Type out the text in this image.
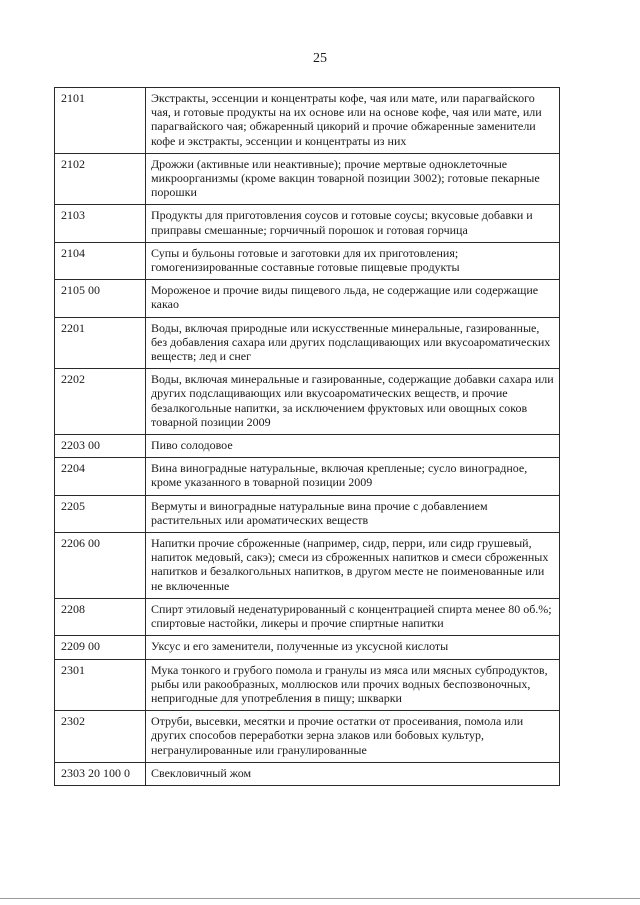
25
2101	Экстракты, эссенции и концентраты кофе, чая или мате, или парагвайского чая, и готовые продукты на их основе или на основе кофе, чая или мате, или парагвайского чая; обжаренный цикорий и прочие обжаренные заменители кофе и экстракты, эссенции и концентраты из них
2102	Дрожжи (активные или неактивные); прочие мертвые одноклеточные микроорганизмы (кроме вакцин товарной позиции 3002); готовые пекарные порошки
2103	Продукты для приготовления соусов и готовые соусы; вкусовые добавки и приправы смешанные; горчичный порошок и готовая горчица
2104	Супы и бульоны готовые и заготовки для их приготовления; гомогенизированные составные готовые пищевые продукты
2105 00	Мороженое и прочие виды пищевого льда, не содержащие или содержащие какао
2201	Воды, включая природные или искусственные минеральные, газированные, без добавления сахара или других подслащивающих или вкусоароматических веществ; лед и снег
2202	Воды, включая минеральные и газированные, содержащие добавки сахара или других подслащивающих или вкусоароматических веществ, и прочие безалкогольные напитки, за исключением фруктовых или овощных соков товарной позиции 2009
2203 00	Пиво солодовое
2204	Вина виноградные натуральные, включая крепленые; сусло виноградное, кроме указанного в товарной позиции 2009
2205	Вермуты и виноградные натуральные вина прочие с добавлением растительных или ароматических веществ
2206 00	Напитки прочие сброженные (например, сидр, перри, или сидр грушевый, напиток медовый, сакэ); смеси из сброженных напитков и смеси сброженных напитков и безалкогольных напитков, в другом месте не поименованные или не включенные
2208	Спирт этиловый неденатурированный с концентрацией спирта менее 80 об.%; спиртовые настойки, ликеры и прочие спиртные напитки
2209 00	Уксус и его заменители, полученные из уксусной кислоты
2301	Мука тонкого и грубого помола и гранулы из мяса или мясных субпродуктов, рыбы или ракообразных, моллюсков или прочих водных беспозвоночных, непригодные для употребления в пищу; шкварки
2302	Отруби, высевки, месятки и прочие остатки от просеивания, помола или других способов переработки зерна злаков или бобовых культур, негранулированные или гранулированные
2303 20 100 0	Свекловичный жом
